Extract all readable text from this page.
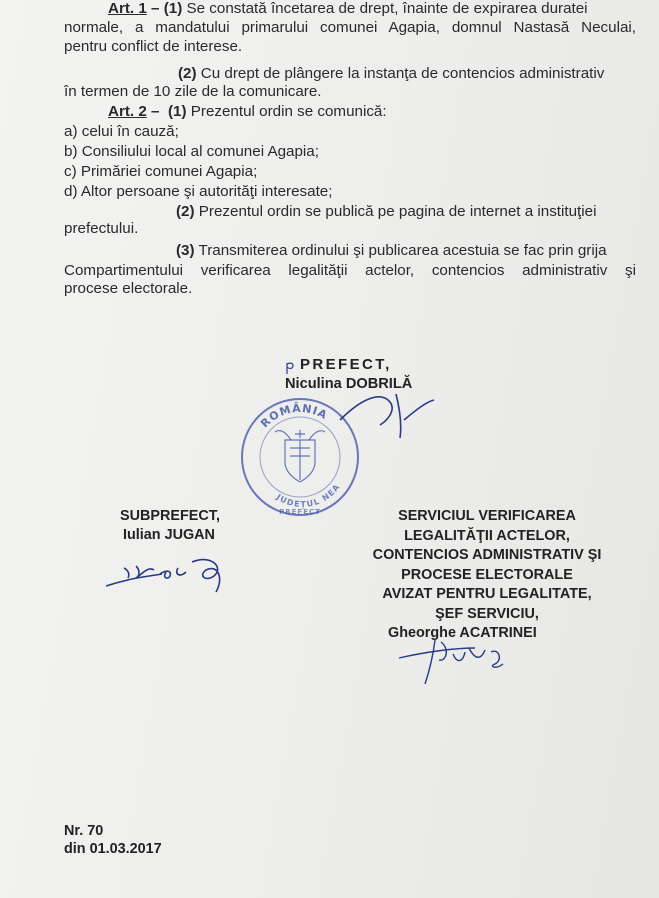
Art. 1 – (1) Se constată încetarea de drept, înainte de expirarea duratei
normale, a mandatului primarului comunei Agapia, domnul Nastasă Neculai,
pentru conflict de interese.
(2) Cu drept de plângere la instanţa de contencios administrativ
în termen de 10 zile de la comunicare.
Art. 2 –  (1) Prezentul ordin se comunică:
a) celui în cauză;
b) Consiliului local al comunei Agapia;
c) Primăriei comunei Agapia;
d) Altor persoane şi autorităţi interesate;
(2) Prezentul ordin se publică pe pagina de internet a instituţiei
prefectului.
(3) Transmiterea ordinului şi publicarea acestuia se fac prin grija
Compartimentului verificarea legalităţii actelor, contencios administrativ şi
procese electorale.
PREFECT,
Niculina DOBRILĂ
ROMÂNIA
JUDEȚUL NEAMȚ
PREFECT
SUBPREFECT,
Iulian JUGAN
SERVICIUL VERIFICAREA
LEGALITĂŢII ACTELOR,
CONTENCIOS ADMINISTRATIV ŞI
PROCESE ELECTORALE
AVIZAT PENTRU LEGALITATE,
ŞEF SERVICIU,
Gheorghe ACATRINEI
Nr. 70
din 01.03.2017
